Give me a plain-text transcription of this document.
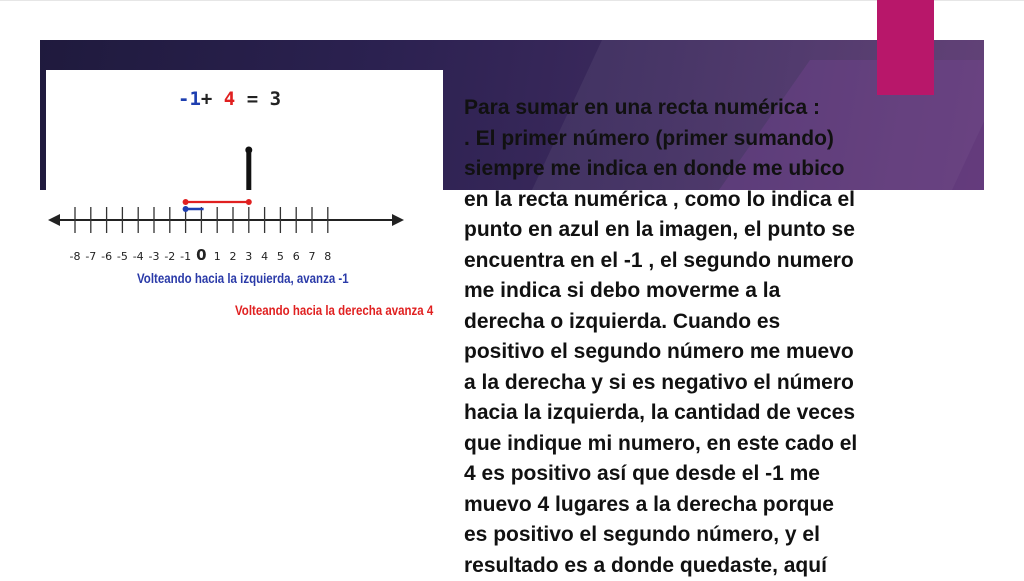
-1+ 4 = 3
-8 -7 -6 -5 -4 -3 -2 -1 0 1 2 3 4 5 6 7 8
Volteando hacia la izquierda, avanza -1
Volteando hacia la derecha avanza 4
Para sumar en una recta numérica :
. El primer número (primer sumando)
siempre me indica en donde me ubico
en la recta numérica , como lo indica el
punto en azul en la imagen, el punto se
encuentra en el -1 , el segundo numero
me indica si debo moverme a la
derecha o izquierda. Cuando es
positivo el segundo número me muevo
a la derecha y si es negativo el número
hacia la izquierda, la cantidad de veces
que indique mi numero, en este cado el
4 es positivo así que desde el -1 me
muevo 4 lugares a la derecha porque
es positivo el segundo número, y el
resultado es a donde quedaste, aquí
